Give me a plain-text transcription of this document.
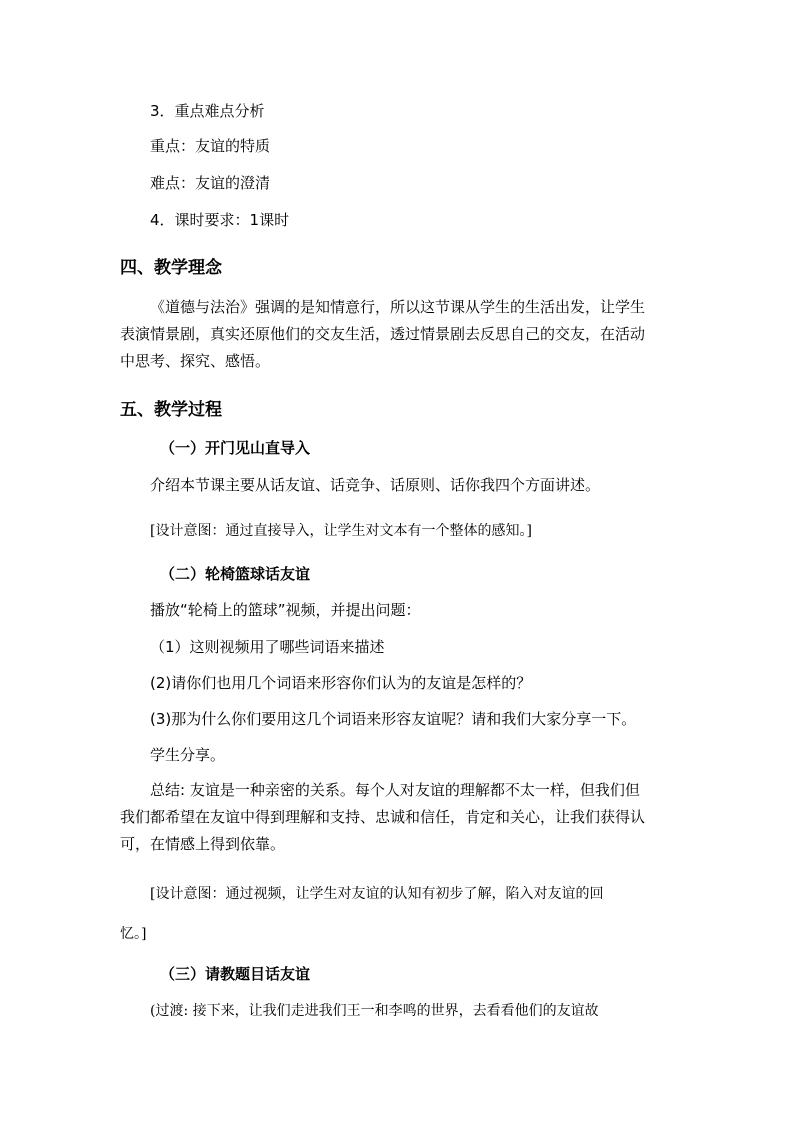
3．重点难点分析
重点：友谊的特质
难点：友谊的澄清
4．课时要求：1课时
四、教学理念
《道德与法治》强调的是知情意行，所以这节课从学生的生活出发，让学生
表演情景剧，真实还原他们的交友生活，透过情景剧去反思自己的交友，在活动
中思考、探究、感悟。
五、教学过程
（一）开门见山直导入
介绍本节课主要从话友谊、话竞争、话原则、话你我四个方面讲述。
[设计意图：通过直接导入，让学生对文本有一个整体的感知。]
（二）轮椅篮球话友谊
播放“轮椅上的篮球”视频，并提出问题：
（1）这则视频用了哪些词语来描述
(2)请你们也用几个词语来形容你们认为的友谊是怎样的？
(3)那为什么你们要用这几个词语来形容友谊呢？请和我们大家分享一下。
学生分享。
总结: 友谊是一种亲密的关系。每个人对友谊的理解都不太一样，但我们但
我们都希望在友谊中得到理解和支持、忠诚和信任，肯定和关心，让我们获得认
可，在情感上得到依靠。
[设计意图：通过视频，让学生对友谊的认知有初步了解，陷入对友谊的回
忆。]
（三）请教题目话友谊
(过渡: 接下来，让我们走进我们王一和李鸣的世界，去看看他们的友谊故
